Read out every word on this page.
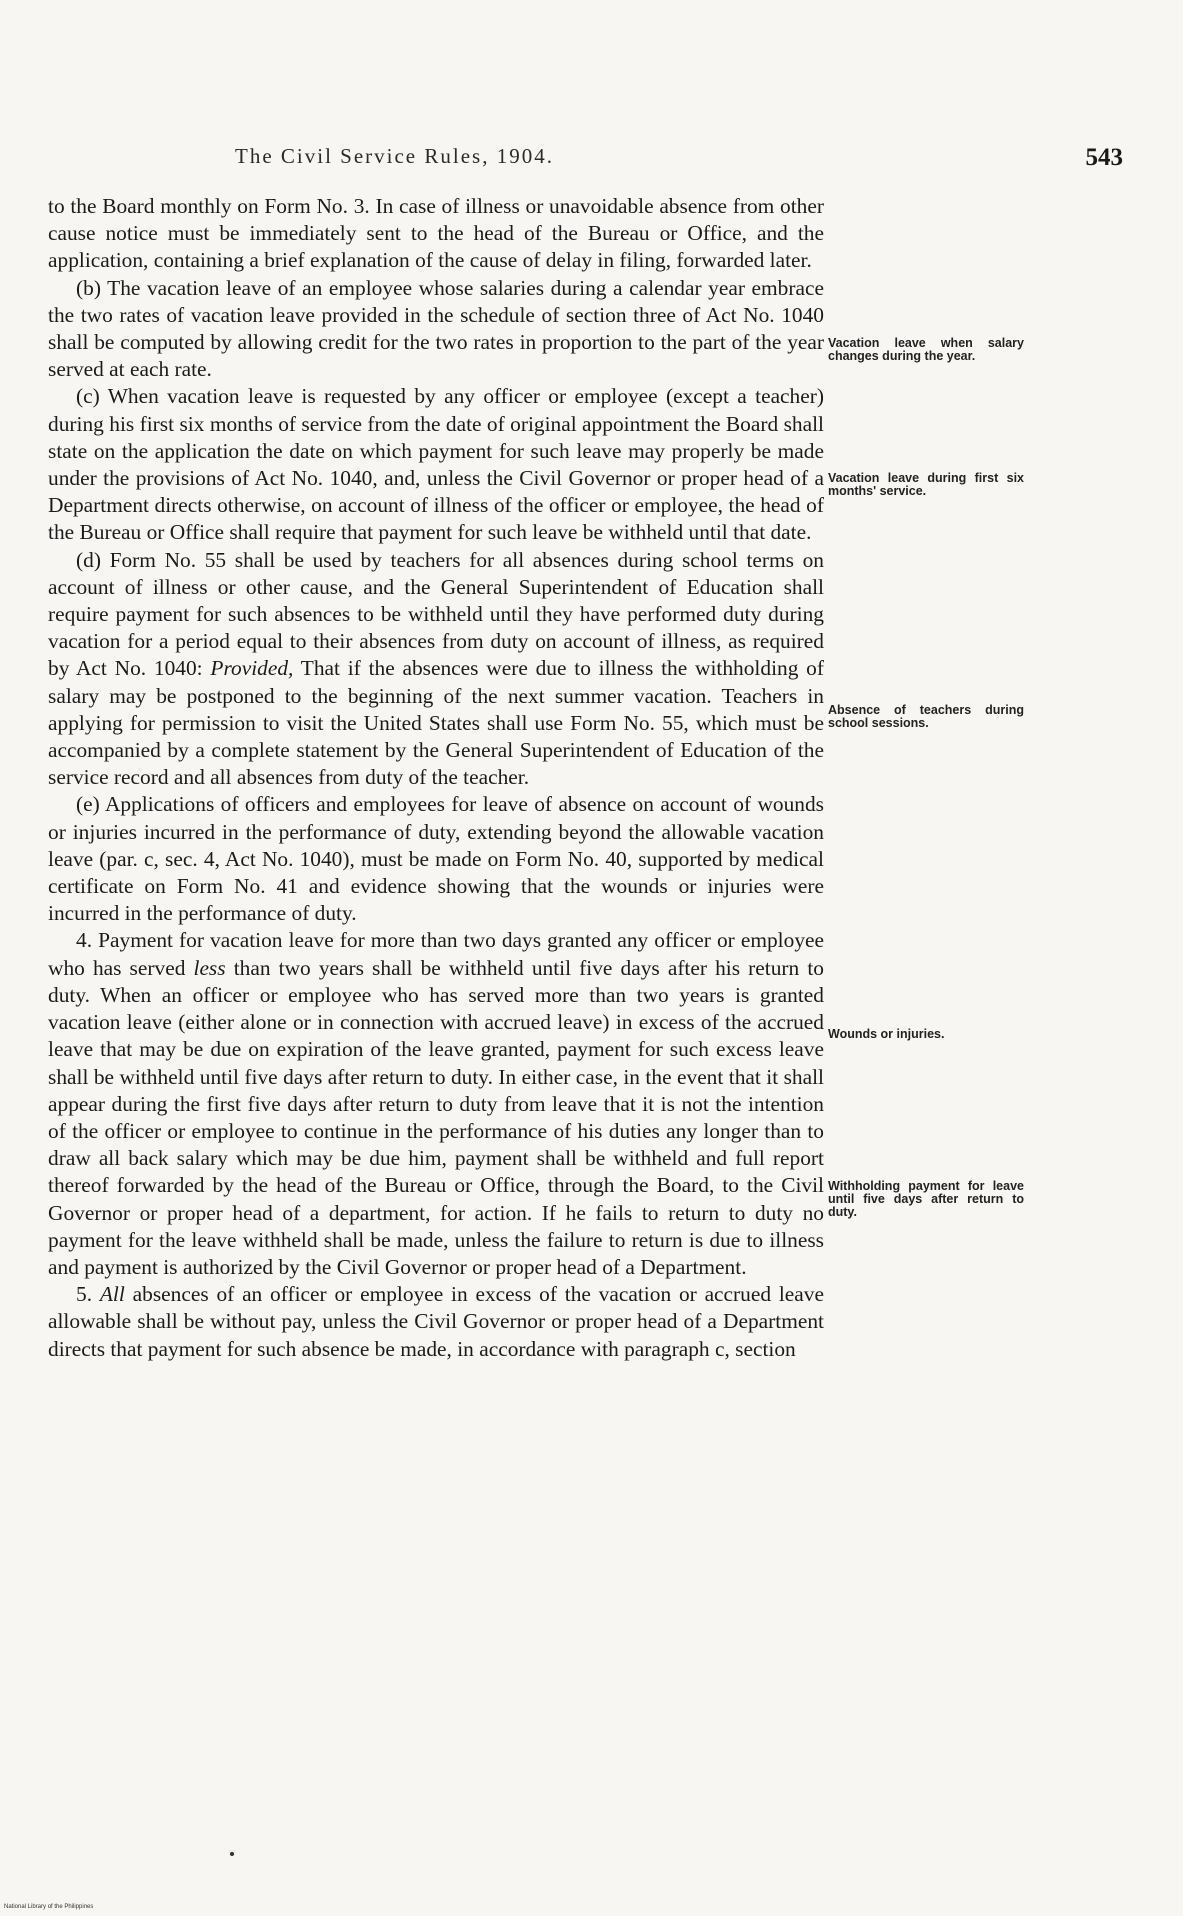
The Civil Service Rules, 1904.	543

to the Board monthly on Form No. 3. In case of illness or unavoidable absence from other cause notice must be immediately sent to the head of the Bureau or Office, and the application, containing a brief explanation of the cause of delay in filing, forwarded later.

(b) The vacation leave of an employee whose salaries during a calendar year embrace the two rates of vacation leave provided in the schedule of section three of Act No. 1040 shall be computed by allowing credit for the two rates in proportion to the part of the year served at each rate.

(c) When vacation leave is requested by any officer or employee (except a teacher) during his first six months of service from the date of original appointment the Board shall state on the application the date on which payment for such leave may properly be made under the provisions of Act No. 1040, and, unless the Civil Governor or proper head of a Department directs otherwise, on account of illness of the officer or employee, the head of the Bureau or Office shall require that payment for such leave be withheld until that date.

(d) Form No. 55 shall be used by teachers for all absences during school terms on account of illness or other cause, and the General Superintendent of Education shall require payment for such absences to be withheld until they have performed duty during vacation for a period equal to their absences from duty on account of illness, as required by Act No. 1040: Provided, That if the absences were due to illness the withholding of salary may be postponed to the beginning of the next summer vacation. Teachers in applying for permission to visit the United States shall use Form No. 55, which must be accompanied by a complete statement by the General Superintendent of Education of the service record and all absences from duty of the teacher.

(e) Applications of officers and employees for leave of absence on account of wounds or injuries incurred in the performance of duty, extending beyond the allowable vacation leave (par. c, sec. 4, Act No. 1040), must be made on Form No. 40, supported by medical certificate on Form No. 41 and evidence showing that the wounds or injuries were incurred in the performance of duty.

4. Payment for vacation leave for more than two days granted any officer or employee who has served less than two years shall be withheld until five days after his return to duty. When an officer or employee who has served more than two years is granted vacation leave (either alone or in connection with accrued leave) in excess of the accrued leave that may be due on expiration of the leave granted, payment for such excess leave shall be withheld until five days after return to duty. In either case, in the event that it shall appear during the first five days after return to duty from leave that it is not the intention of the officer or employee to continue in the performance of his duties any longer than to draw all back salary which may be due him, payment shall be withheld and full report thereof forwarded by the head of the Bureau or Office, through the Board, to the Civil Governor or proper head of a department, for action. If he fails to return to duty no payment for the leave withheld shall be made, unless the failure to return is due to illness and payment is authorized by the Civil Governor or proper head of a Department.

5. All absences of an officer or employee in excess of the vacation or accrued leave allowable shall be without pay, unless the Civil Governor or proper head of a Department directs that payment for such absence be made, in accordance with paragraph c, section

Vacation leave when salary changes during the year.
Vacation leave during first six months' service.
Absence of teachers during school sessions.
Wounds or injuries.
Withholding payment for leave until five days after return to duty.
National Library of the Philippines
